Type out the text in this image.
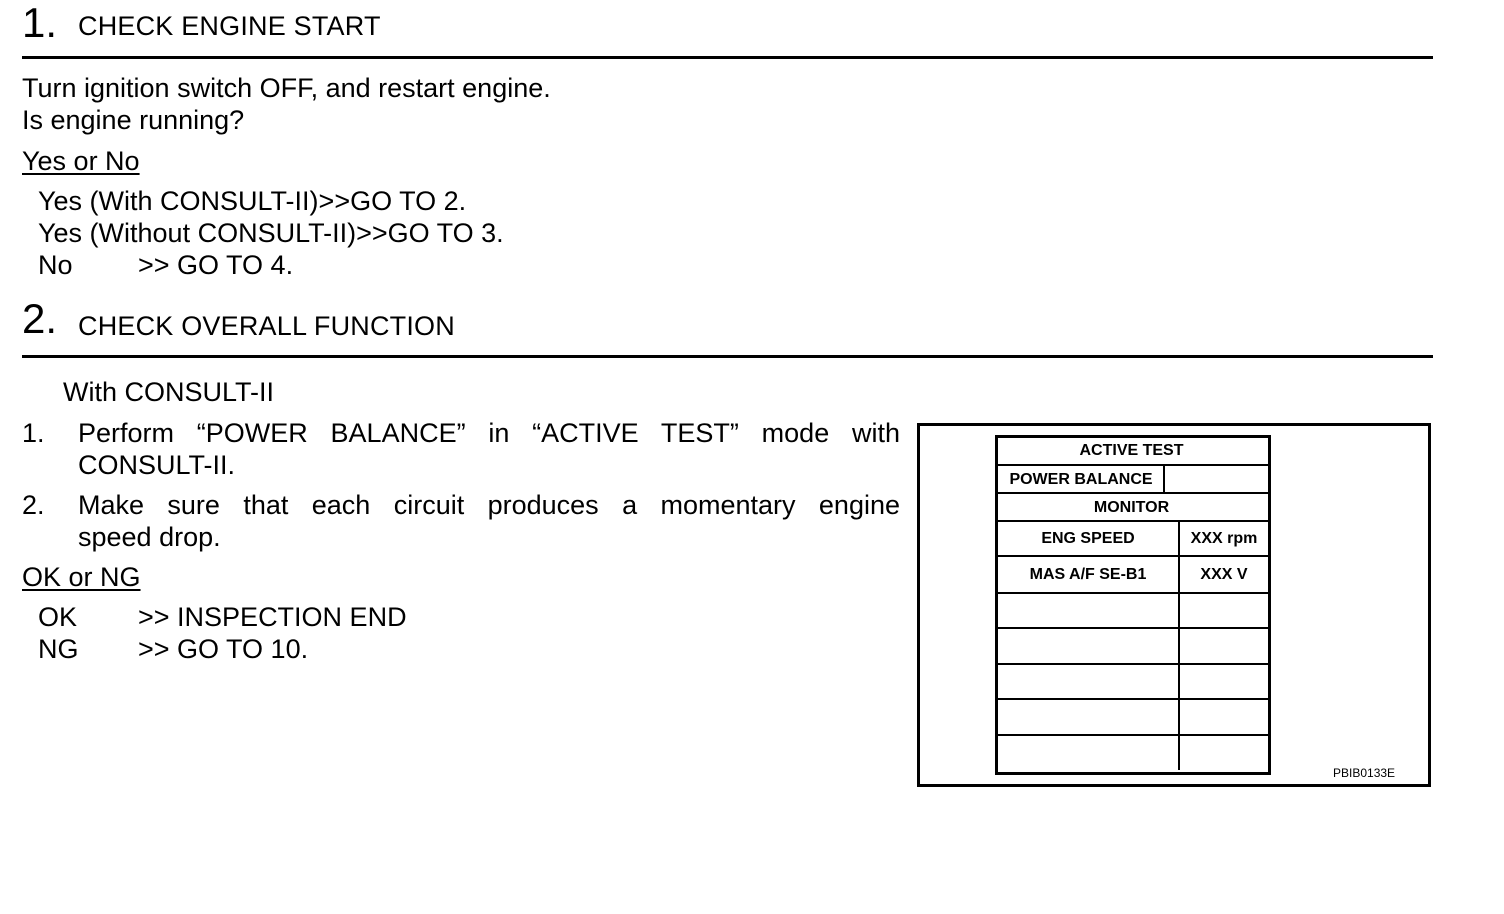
1. CHECK ENGINE START
Turn ignition switch OFF, and restart engine.
Is engine running?
Yes or No
Yes (With CONSULT-II)>>GO TO 2.
Yes (Without CONSULT-II)>>GO TO 3.
No >> GO TO 4.
2. CHECK OVERALL FUNCTION
With CONSULT-II
1. Perform “POWER BALANCE” in “ACTIVE TEST” mode with
CONSULT-II.
2. Make sure that each circuit produces a momentary engine
speed drop.
OK or NG
OK >> INSPECTION END
NG >> GO TO 10.
ACTIVE TEST
POWER BALANCE
MONITOR
ENG SPEED	XXX rpm
MAS A/F SE-B1	XXX V
PBIB0133E
